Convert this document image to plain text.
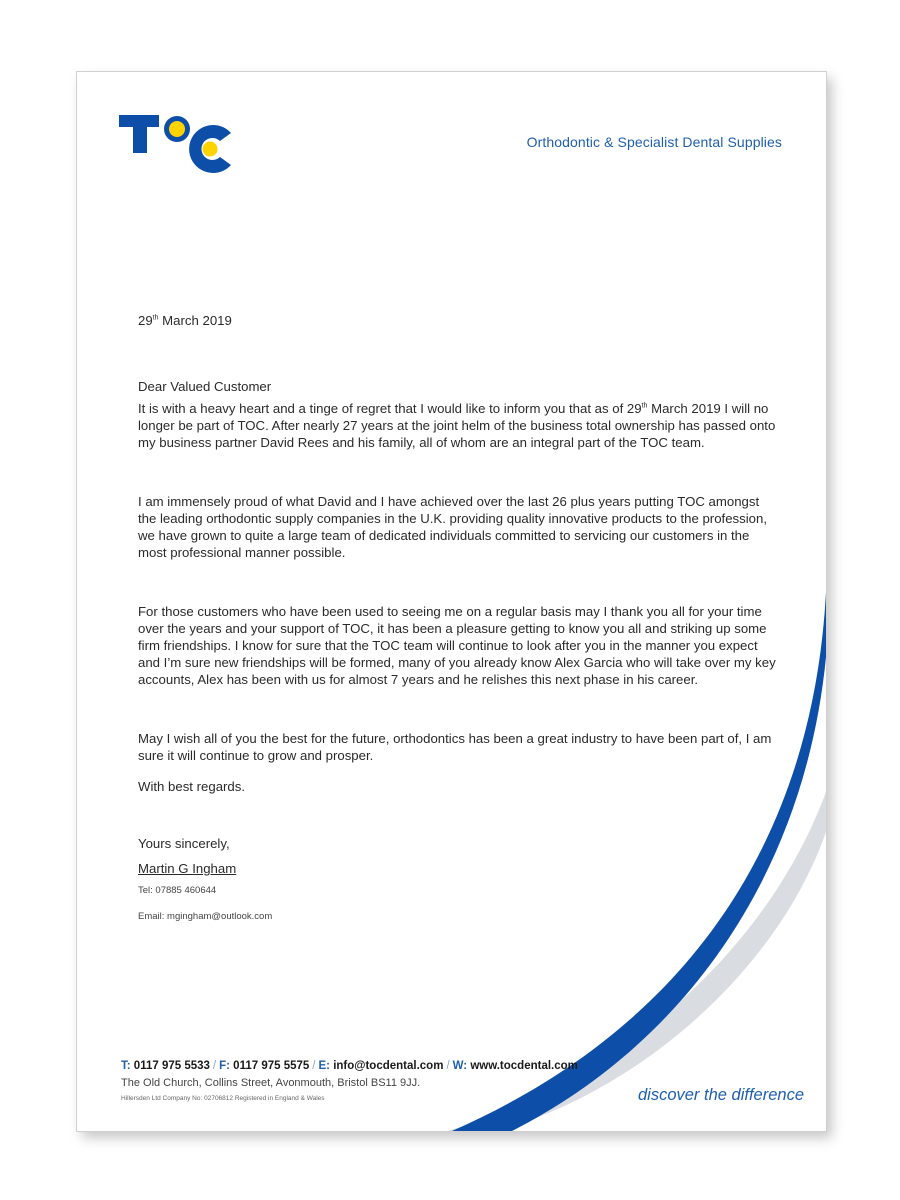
Orthodontic & Specialist Dental Supplies

29th March 2019

Dear Valued Customer

It is with a heavy heart and a tinge of regret that I would like to inform you that as of 29th March 2019 I will no longer be part of TOC. After nearly 27 years at the joint helm of the business total ownership has passed onto my business partner David Rees and his family, all of whom are an integral part of the TOC team.

I am immensely proud of what David and I have achieved over the last 26 plus years putting TOC amongst the leading orthodontic supply companies in the U.K. providing quality innovative products to the profession, we have grown to quite a large team of dedicated individuals committed to servicing our customers in the most professional manner possible.

For those customers who have been used to seeing me on a regular basis may I thank you all for your time over the years and your support of TOC, it has been a pleasure getting to know you all and striking up some firm friendships. I know for sure that the TOC team will continue to look after you in the manner you expect and I’m sure new friendships will be formed, many of you already know Alex Garcia who will take over my key accounts, Alex has been with us for almost 7 years and he relishes this next phase in his career.

May I wish all of you the best for the future, orthodontics has been a great industry to have been part of, I am sure it will continue to grow and prosper.

With best regards.

Yours sincerely,

Martin G Ingham

Tel: 07885 460644

Email: mgingham@outlook.com

T: 0117 975 5533 / F: 0117 975 5575 / E: info@tocdental.com / W: www.tocdental.com
The Old Church, Collins Street, Avonmouth, Bristol BS11 9JJ.
Hillersden Ltd Company No: 02706812 Registered in England & Wales	discover the difference
